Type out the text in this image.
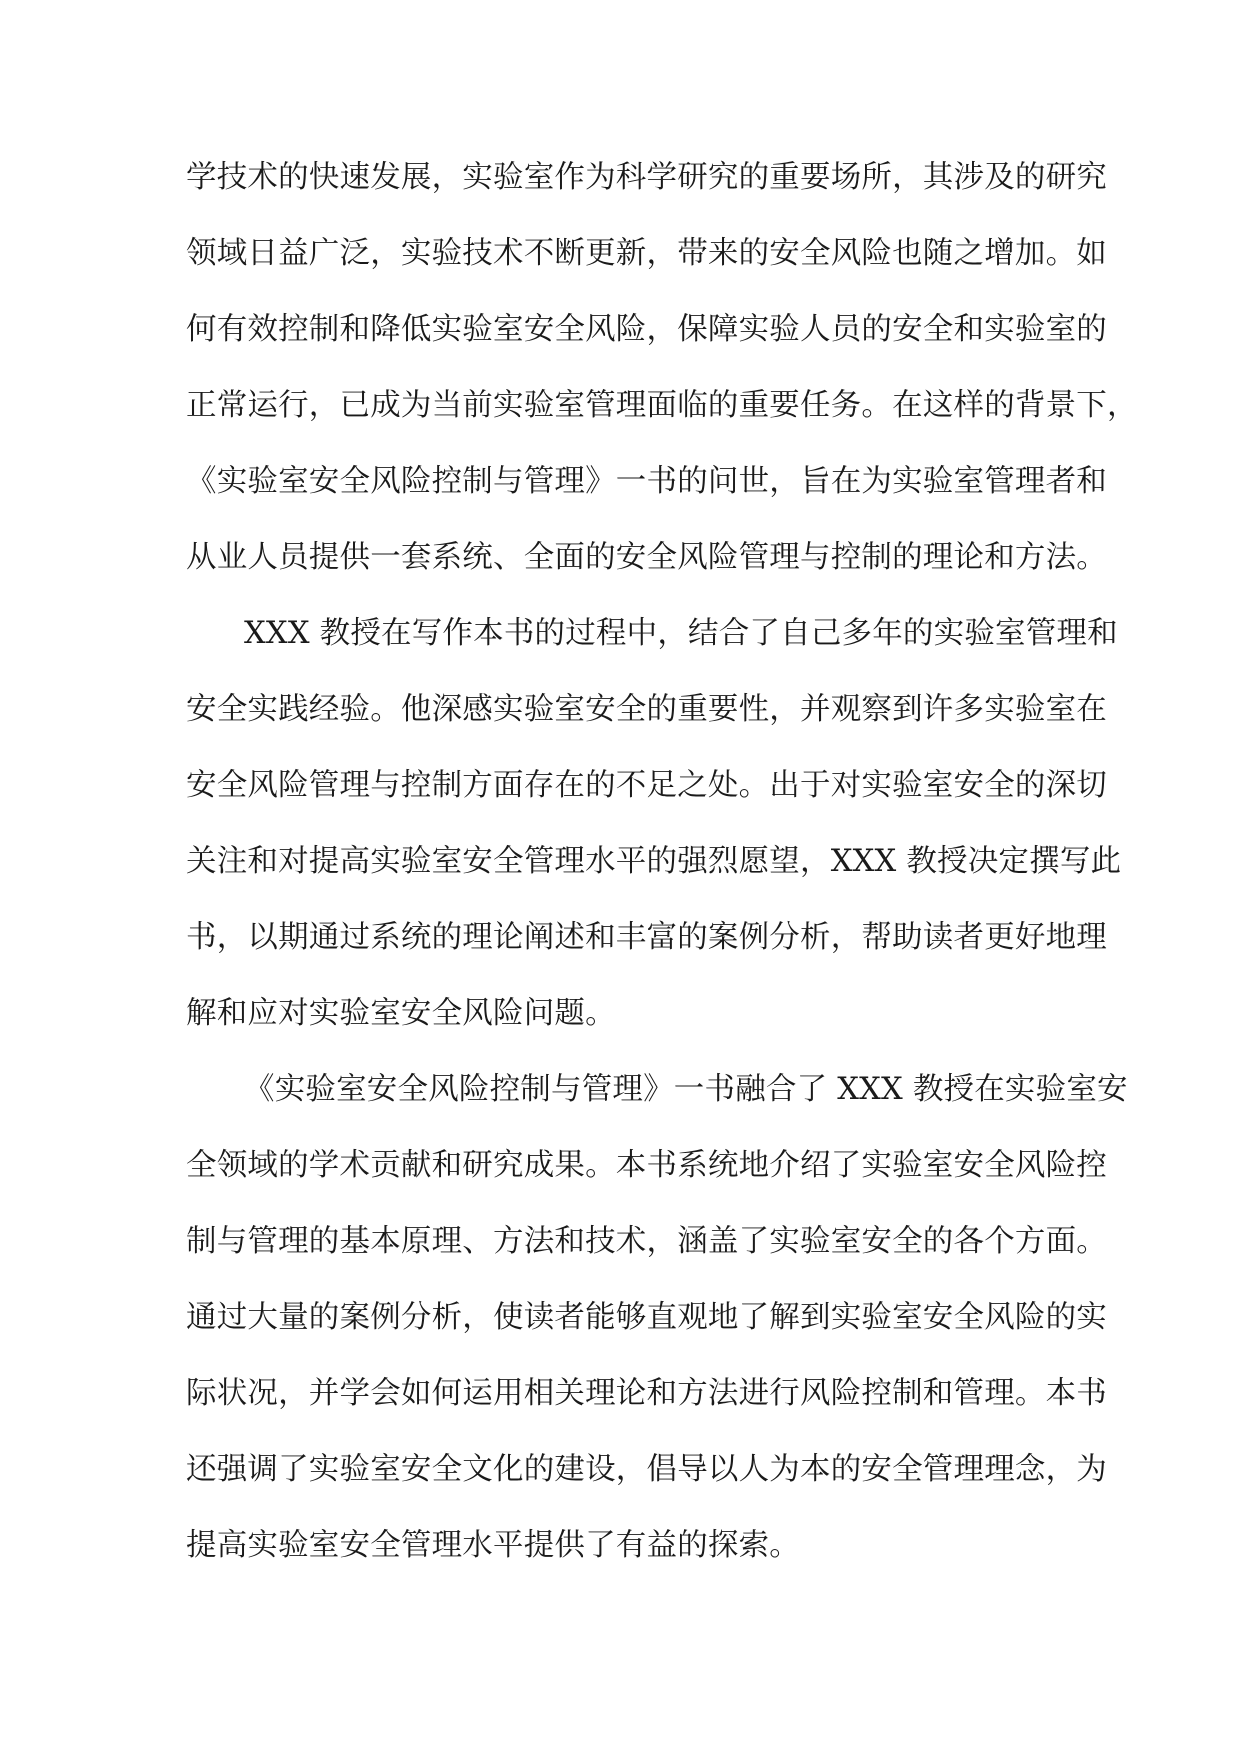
学技术的快速发展，实验室作为科学研究的重要场所，其涉及的研究
领域日益广泛，实验技术不断更新，带来的安全风险也随之增加。如
何有效控制和降低实验室安全风险，保障实验人员的安全和实验室的
正常运行，已成为当前实验室管理面临的重要任务。在这样的背景下，
《实验室安全风险控制与管理》一书的问世，旨在为实验室管理者和
从业人员提供一套系统、全面的安全风险管理与控制的理论和方法。
XXX 教授在写作本书的过程中，结合了自己多年的实验室管理和
安全实践经验。他深感实验室安全的重要性，并观察到许多实验室在
安全风险管理与控制方面存在的不足之处。出于对实验室安全的深切
关注和对提高实验室安全管理水平的强烈愿望，XXX 教授决定撰写此
书，以期通过系统的理论阐述和丰富的案例分析，帮助读者更好地理
解和应对实验室安全风险问题。
《实验室安全风险控制与管理》一书融合了 XXX 教授在实验室安
全领域的学术贡献和研究成果。本书系统地介绍了实验室安全风险控
制与管理的基本原理、方法和技术，涵盖了实验室安全的各个方面。
通过大量的案例分析，使读者能够直观地了解到实验室安全风险的实
际状况，并学会如何运用相关理论和方法进行风险控制和管理。本书
还强调了实验室安全文化的建设，倡导以人为本的安全管理理念，为
提高实验室安全管理水平提供了有益的探索。
